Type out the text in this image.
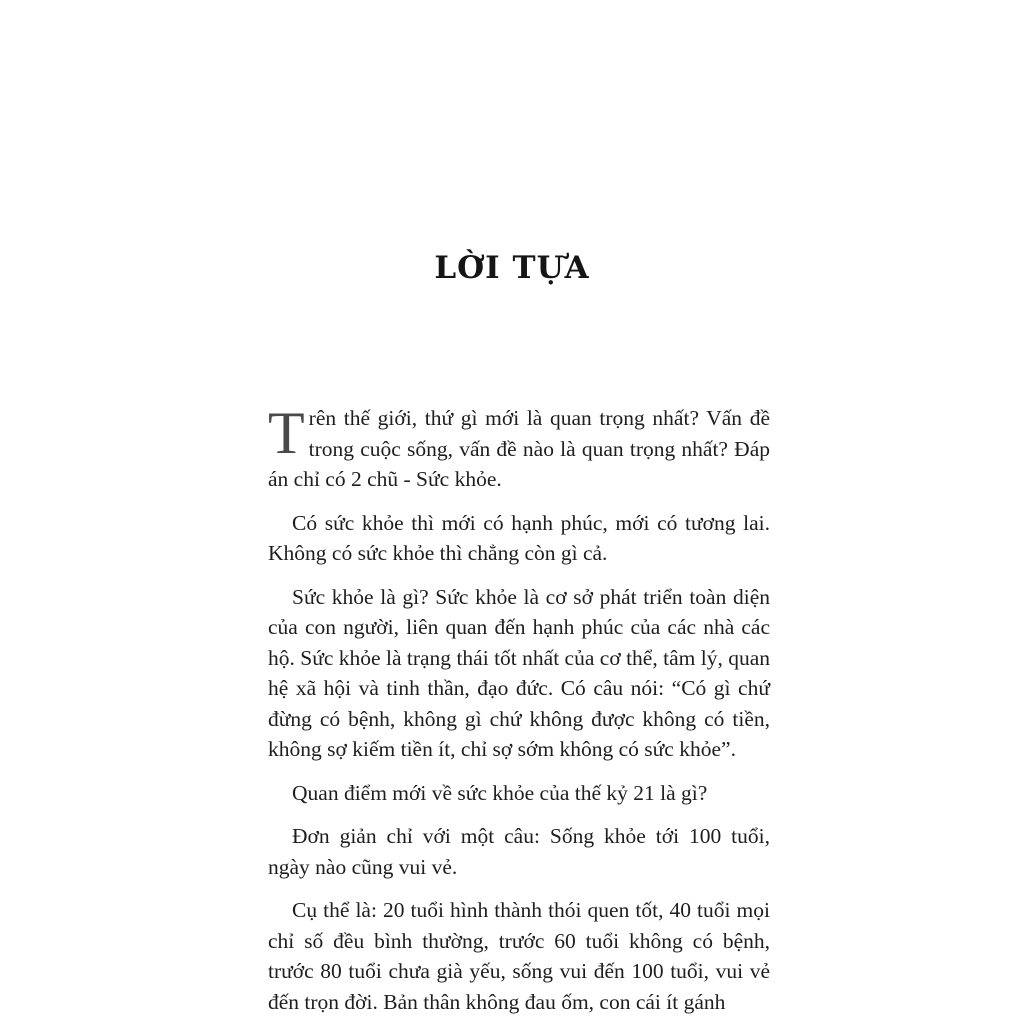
LỜI TỰA

Trên thế giới, thứ gì mới là quan trọng nhất? Vấn đề trong cuộc sống, vấn đề nào là quan trọng nhất? Đáp án chỉ có 2 chũ - Sức khỏe.

Có sức khỏe thì mới có hạnh phúc, mới có tương lai. Không có sức khỏe thì chẳng còn gì cả.

Sức khỏe là gì? Sức khỏe là cơ sở phát triển toàn diện của con người, liên quan đến hạnh phúc của các nhà các hộ. Sức khỏe là trạng thái tốt nhất của cơ thể, tâm lý, quan hệ xã hội và tinh thần, đạo đức. Có câu nói: “Có gì chứ đừng có bệnh, không gì chứ không được không có tiền, không sợ kiếm tiền ít, chỉ sợ sớm không có sức khỏe”.

Quan điểm mới về sức khỏe của thế kỷ 21 là gì?

Đơn giản chỉ với một câu: Sống khỏe tới 100 tuổi, ngày nào cũng vui vẻ.

Cụ thể là: 20 tuổi hình thành thói quen tốt, 40 tuổi mọi chỉ số đều bình thường, trước 60 tuổi không có bệnh, trước 80 tuổi chưa già yếu, sống vui đến 100 tuổi, vui vẻ đến trọn đời. Bản thân không đau ốm, con cái ít gánh
